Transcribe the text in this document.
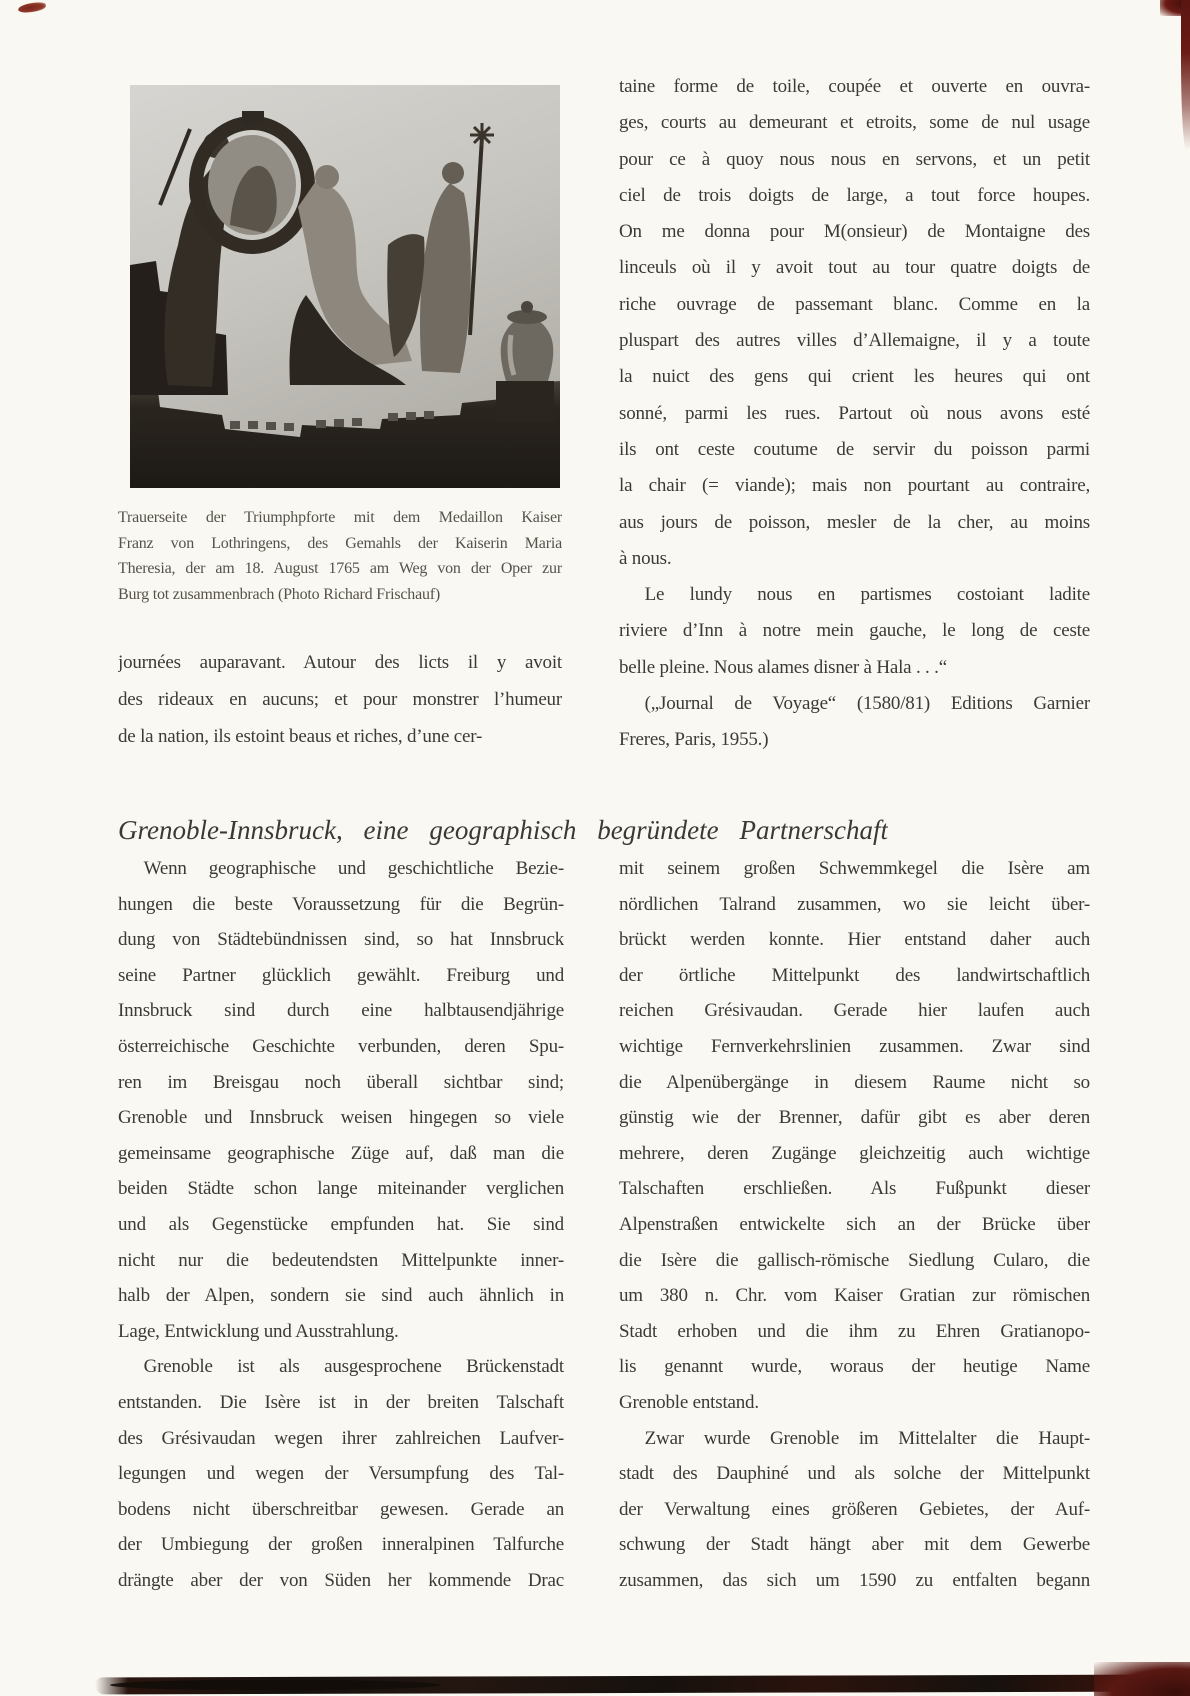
Trauerseite der Triumphpforte mit dem Medaillon Kaiser
Franz von Lothringens, des Gemahls der Kaiserin Maria
Theresia, der am 18. August 1765 am Weg von der Oper zur
Burg tot zusammenbrach (Photo Richard Frischauf)
journées auparavant. Autour des licts il y avoit
des rideaux en aucuns; et pour monstrer l’humeur
de la nation, ils estoint beaus et riches, d’une cer-
taine forme de toile, coupée et ouverte en ouvra-
ges, courts au demeurant et etroits, some de nul usage
pour ce à quoy nous nous en servons, et un petit
ciel de trois doigts de large, a tout force houpes.
On me donna pour M(onsieur) de Montaigne des
linceuls où il y avoit tout au tour quatre doigts de
riche ouvrage de passemant blanc. Comme en la
pluspart des autres villes d’Allemaigne, il y a toute
la nuict des gens qui crient les heures qui ont
sonné, parmi les rues. Partout où nous avons esté
ils ont ceste coutume de servir du poisson parmi
la chair (= viande); mais non pourtant au contraire,
aus jours de poisson, mesler de la cher, au moins
à nous.
Le lundy nous en partismes costoiant ladite
riviere d’Inn à notre mein gauche, le long de ceste
belle pleine. Nous alames disner à Hala . . .“
(„Journal de Voyage“ (1580/81) Editions Garnier
Freres, Paris, 1955.)
Grenoble-Innsbruck, eine geographisch begründete Partnerschaft
Wenn geographische und geschichtliche Bezie-
hungen die beste Voraussetzung für die Begrün-
dung von Städtebündnissen sind, so hat Innsbruck
seine Partner glücklich gewählt. Freiburg und
Innsbruck sind durch eine halbtausendjährige
österreichische Geschichte verbunden, deren Spu-
ren im Breisgau noch überall sichtbar sind;
Grenoble und Innsbruck weisen hingegen so viele
gemeinsame geographische Züge auf, daß man die
beiden Städte schon lange miteinander verglichen
und als Gegenstücke empfunden hat. Sie sind
nicht nur die bedeutendsten Mittelpunkte inner-
halb der Alpen, sondern sie sind auch ähnlich in
Lage, Entwicklung und Ausstrahlung.
Grenoble ist als ausgesprochene Brückenstadt
entstanden. Die Isère ist in der breiten Talschaft
des Grésivaudan wegen ihrer zahlreichen Laufver-
legungen und wegen der Versumpfung des Tal-
bodens nicht überschreitbar gewesen. Gerade an
der Umbiegung der großen inneralpinen Talfurche
drängte aber der von Süden her kommende Drac
mit seinem großen Schwemmkegel die Isère am
nördlichen Talrand zusammen, wo sie leicht über-
brückt werden konnte. Hier entstand daher auch
der örtliche Mittelpunkt des landwirtschaftlich
reichen Grésivaudan. Gerade hier laufen auch
wichtige Fernverkehrslinien zusammen. Zwar sind
die Alpenübergänge in diesem Raume nicht so
günstig wie der Brenner, dafür gibt es aber deren
mehrere, deren Zugänge gleichzeitig auch wichtige
Talschaften erschließen. Als Fußpunkt dieser
Alpenstraßen entwickelte sich an der Brücke über
die Isère die gallisch-römische Siedlung Cularo, die
um 380 n. Chr. vom Kaiser Gratian zur römischen
Stadt erhoben und die ihm zu Ehren Gratianopo-
lis genannt wurde, woraus der heutige Name
Grenoble entstand.
Zwar wurde Grenoble im Mittelalter die Haupt-
stadt des Dauphiné und als solche der Mittelpunkt
der Verwaltung eines größeren Gebietes, der Auf-
schwung der Stadt hängt aber mit dem Gewerbe
zusammen, das sich um 1590 zu entfalten begann
